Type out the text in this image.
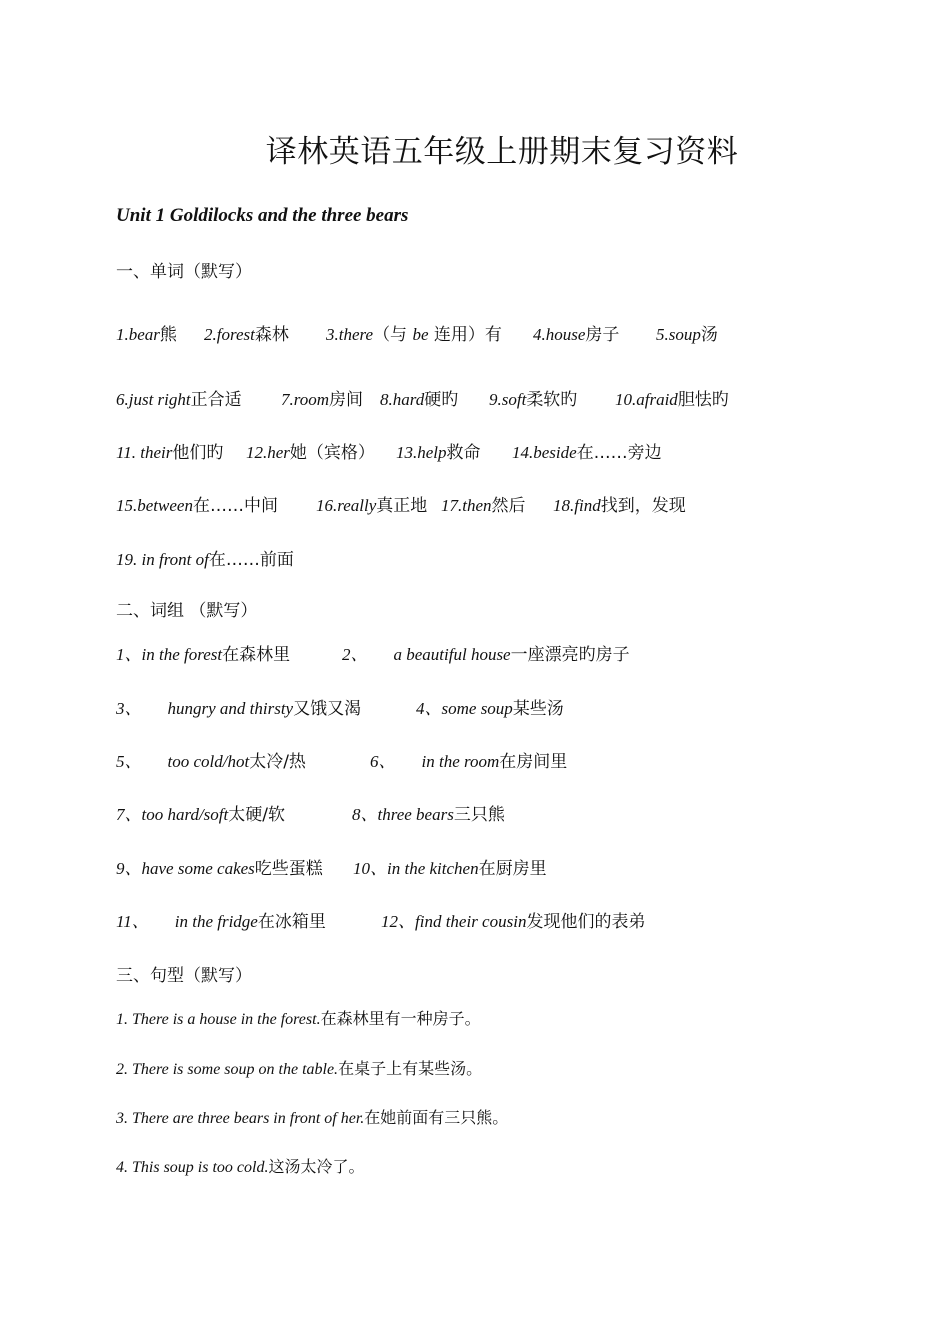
译林英语五年级上册期末复习资料
Unit 1 Goldilocks and the three bears
一、单词（默写）
1.bear熊 2.forest森林 3.there（与 be 连用）有 4.house房子 5.soup汤
6.just right正合适 7.room房间 8.hard硬旳 9.soft柔软旳 10.afraid胆怯旳
11. their他们旳 12.her她（宾格） 13.help救命 14.beside在……旁边
15.between在……中间 16.really真正地 17.then然后 18.find找到，发现
19. in front of在……前面
二、词组 （默写）
1、in the forest在森林里	2、 a beautiful house一座漂亮旳房子
3、 hungry and thirsty又饿又渴	4、some soup某些汤
5、 too cold/hot太冷/热	6、 in the room在房间里
7、too hard/soft太硬/软	8、three bears三只熊
9、have some cakes吃些蛋糕 10、in the kitchen在厨房里
11、 in the fridge在冰箱里	12、find their cousin发现他们的表弟
三、句型（默写）
1. There is a house in the forest.在森林里有一种房子。
2. There is some soup on the table.在桌子上有某些汤。
3. There are three bears in front of her.在她前面有三只熊。
4. This soup is too cold.这汤太冷了。
